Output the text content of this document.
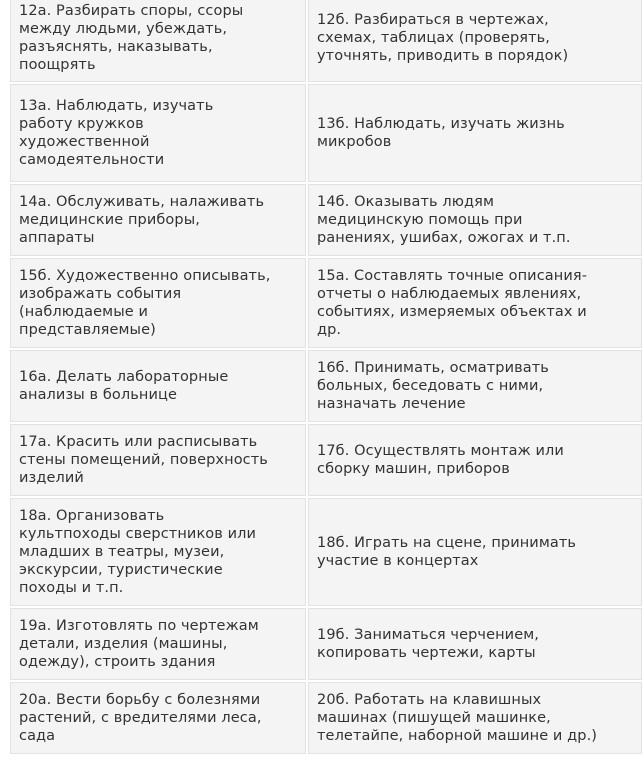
12а. Разбирать споры, ссоры
между людьми, убеждать,
разъяснять, наказывать,
поощрять	12б. Разбираться в чертежах,
схемах, таблицах (проверять,
уточнять, приводить в порядок)
13а. Наблюдать, изучать
работу кружков
художественной
самодеятельности	13б. Наблюдать, изучать жизнь
микробов
14а. Обслуживать, налаживать
медицинские приборы,
аппараты	14б. Оказывать людям
медицинскую помощь при
ранениях, ушибах, ожогах и т.п.
15б. Художественно описывать,
изображать события
(наблюдаемые и
представляемые)	15а. Составлять точные описания-
отчеты о наблюдаемых явлениях,
событиях, измеряемых объектах и
др.
16а. Делать лабораторные
анализы в больнице	16б. Принимать, осматривать
больных, беседовать с ними,
назначать лечение
17а. Красить или расписывать
стены помещений, поверхность
изделий	17б. Осуществлять монтаж или
сборку машин, приборов
18а. Организовать
культпоходы сверстников или
младших в театры, музеи,
экскурсии, туристические
походы и т.п.	18б. Играть на сцене, принимать
участие в концертах
19а. Изготовлять по чертежам
детали, изделия (машины,
одежду), строить здания	19б. Заниматься черчением,
копировать чертежи, карты
20а. Вести борьбу с болезнями
растений, с вредителями леса,
сада	20б. Работать на клавишных
машинах (пишущей машинке,
телетайпе, наборной машине и др.)
